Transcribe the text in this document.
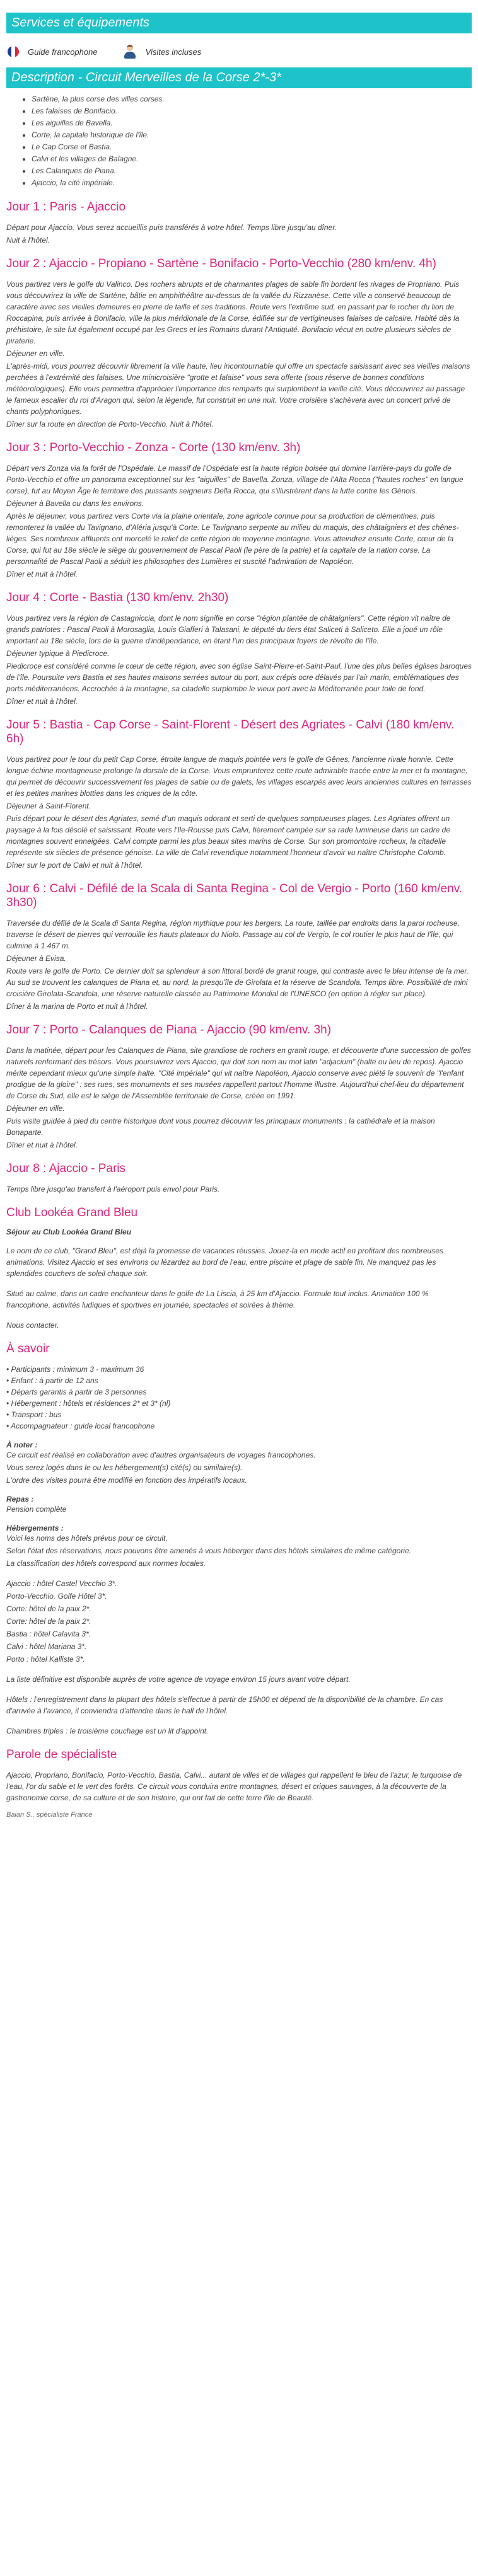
Services et équipements
Guide francophone	Visites incluses
Description - Circuit Merveilles de la Corse 2*-3*
• Sartène, la plus corse des villes corses.
• Les falaises de Bonifacio.
• Les aiguilles de Bavella.
• Corte, la capitale historique de l'île.
• Le Cap Corse et Bastia.
• Calvi et les villages de Balagne.
• Les Calanques de Piana.
• Ajaccio, la cité impériale.
Jour 1 : Paris - Ajaccio

Départ pour Ajaccio. Vous serez accueillis puis transférés à votre hôtel. Temps libre jusqu'au dîner.

Nuit à l'hôtel.

Jour 2 : Ajaccio - Propiano - Sartène - Bonifacio - Porto-Vecchio (280 km/env. 4h)

Vous partirez vers le golfe du Valinco. Des rochers abrupts et de charmantes plages de sable fin bordent les rivages de Propriano. Puis vous découvrirez la ville de Sartène, bâtie en amphithéâtre au-dessus de la vallée du Rizzanèse. Cette ville a conservé beaucoup de caractère avec ses vieilles demeures en pierre de taille et ses traditions. Route vers l'extrême sud, en passant par le rocher du lion de Roccapina, puis arrivée à Bonifacio, ville la plus méridionale de la Corse, édifiée sur de vertigineuses falaises de calcaire. Habité dès la préhistoire, le site fut également occupé par les Grecs et les Romains durant l'Antiquité. Bonifacio vécut en outre plusieurs siècles de piraterie.

Déjeuner en ville.

L'après-midi, vous pourrez découvrir librement la ville haute, lieu incontournable qui offre un spectacle saisissant avec ses vieilles maisons perchées à l'extrémité des falaises. Une minicroisière "grotte et falaise" vous sera offerte (sous réserve de bonnes conditions météorologiques). Elle vous permettra d'apprécier l'importance des remparts qui surplombent la vieille cité. Vous découvrirez au passage le fameux escalier du roi d'Aragon qui, selon la légende, fut construit en une nuit. Votre croisière s'achèvera avec un concert privé de chants polyphoniques.

Dîner sur la route en direction de Porto-Vecchio. Nuit à l'hôtel.

Jour 3 : Porto-Vecchio - Zonza - Corte (130 km/env. 3h)

Départ vers Zonza via la forêt de l'Ospédale. Le massif de l'Ospédale est la haute région boisée qui domine l'arrière-pays du golfe de Porto-Vecchio et offre un panorama exceptionnel sur les "aiguilles" de Bavella. Zonza, village de l'Alta Rocca ("hautes roches" en langue corse), fut au Moyen Âge le territoire des puissants seigneurs Della Rocca, qui s'illustrèrent dans la lutte contre les Génois.

Déjeuner à Bavella ou dans les environs.

Après le déjeuner, vous partirez vers Corte via la plaine orientale, zone agricole connue pour sa production de clémentines, puis remonterez la vallée du Tavignano, d'Aléria jusqu'à Corte. Le Tavignano serpente au milieu du maquis, des châtaigniers et des chênes-lièges. Ses nombreux affluents ont morcelé le relief de cette région de moyenne montagne. Vous atteindrez ensuite Corte, cœur de la Corse, qui fut au 18e siècle le siège du gouvernement de Pascal Paoli (le père de la patrie) et la capitale de la nation corse. La personnalité de Pascal Paoli a séduit les philosophes des Lumières et suscité l'admiration de Napoléon.

Dîner et nuit à l'hôtel.

Jour 4 : Corte - Bastia (130 km/env. 2h30)

Vous partirez vers la région de Castagniccia, dont le nom signifie en corse "région plantée de châtaigniers". Cette région vit naître de grands patriotes : Pascal Paoli à Morosaglia, Louis Giafferi à Talasani, le député du tiers état Saliceti à Saliceto. Elle a joué un rôle important au 18e siècle, lors de la guerre d'indépendance, en étant l'un des principaux foyers de révolte de l'île.

Déjeuner typique à Piedicroce.

Piedicroce est considéré comme le cœur de cette région, avec son église Saint-Pierre-et-Saint-Paul, l'une des plus belles églises baroques de l'île. Poursuite vers Bastia et ses hautes maisons serrées autour du port, aux crépis ocre délavés par l'air marin, emblématiques des ports méditerranéens. Accrochée à la montagne, sa citadelle surplombe le vieux port avec la Méditerranée pour toile de fond.

Dîner et nuit à l'hôtel.

Jour 5 : Bastia - Cap Corse - Saint-Florent - Désert des Agriates - Calvi (180 km/env. 6h)

Vous partirez pour le tour du petit Cap Corse, étroite langue de maquis pointée vers le golfe de Gênes, l'ancienne rivale honnie. Cette longue échine montagneuse prolonge la dorsale de la Corse. Vous emprunterez cette route admirable tracée entre la mer et la montagne, qui permet de découvrir successivement les plages de sable ou de galets, les villages escarpés avec leurs anciennes cultures en terrasses et les petites marines blotties dans les criques de la côte.

Déjeuner à Saint-Florent.

Puis départ pour le désert des Agriates, semé d'un maquis odorant et serti de quelques somptueuses plages. Les Agriates offrent un paysage à la fois désolé et saisissant. Route vers l'Ile-Rousse puis Calvi, fièrement campée sur sa rade lumineuse dans un cadre de montagnes souvent enneigées. Calvi compte parmi les plus beaux sites marins de Corse. Sur son promontoire rocheux, la citadelle représente six siècles de présence génoise. La ville de Calvi revendique notamment l'honneur d'avoir vu naître Christophe Colomb.

Dîner sur le port de Calvi et nuit à l'hôtel.

Jour 6 : Calvi - Défilé de la Scala di Santa Regina - Col de Vergio - Porto (160 km/env. 3h30)

Traversée du défilé de la Scala di Santa Regina, région mythique pour les bergers. La route, taillée par endroits dans la paroi rocheuse, traverse le désert de pierres qui verrouille les hauts plateaux du Niolo. Passage au col de Vergio, le col routier le plus haut de l'île, qui culmine à 1 467 m.

Déjeuner à Evisa.

Route vers le golfe de Porto. Ce dernier doit sa splendeur à son littoral bordé de granit rouge, qui contraste avec le bleu intense de la mer. Au sud se trouvent les calanques de Piana et, au nord, la presqu'île de Girolata et la réserve de Scandola. Temps libre. Possibilité de mini croisière Girolata-Scandola, une réserve naturelle classée au Patrimoine Mondial de l'UNESCO (en option à régler sur place).

Dîner à la marina de Porto et nuit à l'hôtel.

Jour 7 : Porto - Calanques de Piana - Ajaccio (90 km/env. 3h)

Dans la matinée, départ pour les Calanques de Piana, site grandiose de rochers en granit rouge, et découverte d'une succession de golfes naturels renfermant des trésors. Vous poursuivrez vers Ajaccio, qui doit son nom au mot latin "adjacium" (halte ou lieu de repos). Ajaccio mérite cependant mieux qu'une simple halte. "Cité impériale" qui vit naître Napoléon, Ajaccio conserve avec piété le souvenir de "l'enfant prodigue de la gloire" : ses rues, ses monuments et ses musées rappellent partout l'homme illustre. Aujourd'hui chef-lieu du département de Corse du Sud, elle est le siège de l'Assemblée territoriale de Corse, créée en 1991.

Déjeuner en ville.

Puis visite guidée à pied du centre historique dont vous pourrez découvrir les principaux monuments : la cathédrale et la maison Bonaparte.

Dîner et nuit à l'hôtel.

Jour 8 : Ajaccio - Paris

Temps libre jusqu'au transfert à l'aéroport puis envol pour Paris.

Club Lookéa Grand Bleu
Séjour au Club Lookéa Grand Bleu

Le nom de ce club, "Grand Bleu", est déjà la promesse de vacances réussies. Jouez-la en mode actif en profitant des nombreuses animations. Visitez Ajaccio et ses environs ou lézardez au bord de l'eau, entre piscine et plage de sable fin. Ne manquez pas les splendides couchers de soleil chaque soir.

Situé au calme, dans un cadre enchanteur dans le golfe de La Liscia, à 25 km d'Ajaccio. Formule tout inclus. Animation 100 % francophone, activités ludiques et sportives en journée, spectacles et soirées à thème.

Nous contacter.

À savoir

• Participants : minimum 3 - maximum 36

• Enfant : à partir de 12 ans

• Départs garantis à partir de 3 personnes

• Hébergement : hôtels et résidences 2* et 3* (nl)

• Transport : bus

• Accompagnateur : guide local francophone

À noter :

Ce circuit est réalisé en collaboration avec d'autres organisateurs de voyages francophones.

Vous serez logés dans le ou les hébergement(s) cité(s) ou similaire(s).

L'ordre des visites pourra être modifié en fonction des impératifs locaux.

Repas :

Pension complète

Hébergements :

Voici les noms des hôtels prévus pour ce circuit.

Selon l'état des réservations, nous pouvons être amenés à vous héberger dans des hôtels similaires de même catégorie.

La classification des hôtels correspond aux normes locales.

Ajaccio : hôtel Castel Vecchio 3*.

Porto-Vecchio. Golfe Hôtel 3*.

Corte: hôtel de la paix 2*.

Corte: hôtel de la paix 2*.

Bastia : hôtel Calavita 3*.

Calvi : hôtel Mariana 3*.

Porto : hôtel Kalliste 3*.

La liste définitive est disponible auprès de votre agence de voyage environ 15 jours avant votre départ.

Hôtels : l'enregistrement dans la plupart des hôtels s'effectue à partir de 15h00 et dépend de la disponibilité de la chambre. En cas d'arrivée à l'avance, il conviendra d'attendre dans le hall de l'hôtel.

Chambres triples : le troisième couchage est un lit d'appoint.

Parole de spécialiste

Ajaccio, Propriano, Bonifacio, Porto-Vecchio, Bastia, Calvi... autant de villes et de villages qui rappellent le bleu de l'azur, le turquoise de l'eau, l'or du sable et le vert des forêts. Ce circuit vous conduira entre montagnes, désert et criques sauvages, à la découverte de la gastronomie corse, de sa culture et de son histoire, qui ont fait de cette terre l'île de Beauté.

Baian S., spécialiste France
